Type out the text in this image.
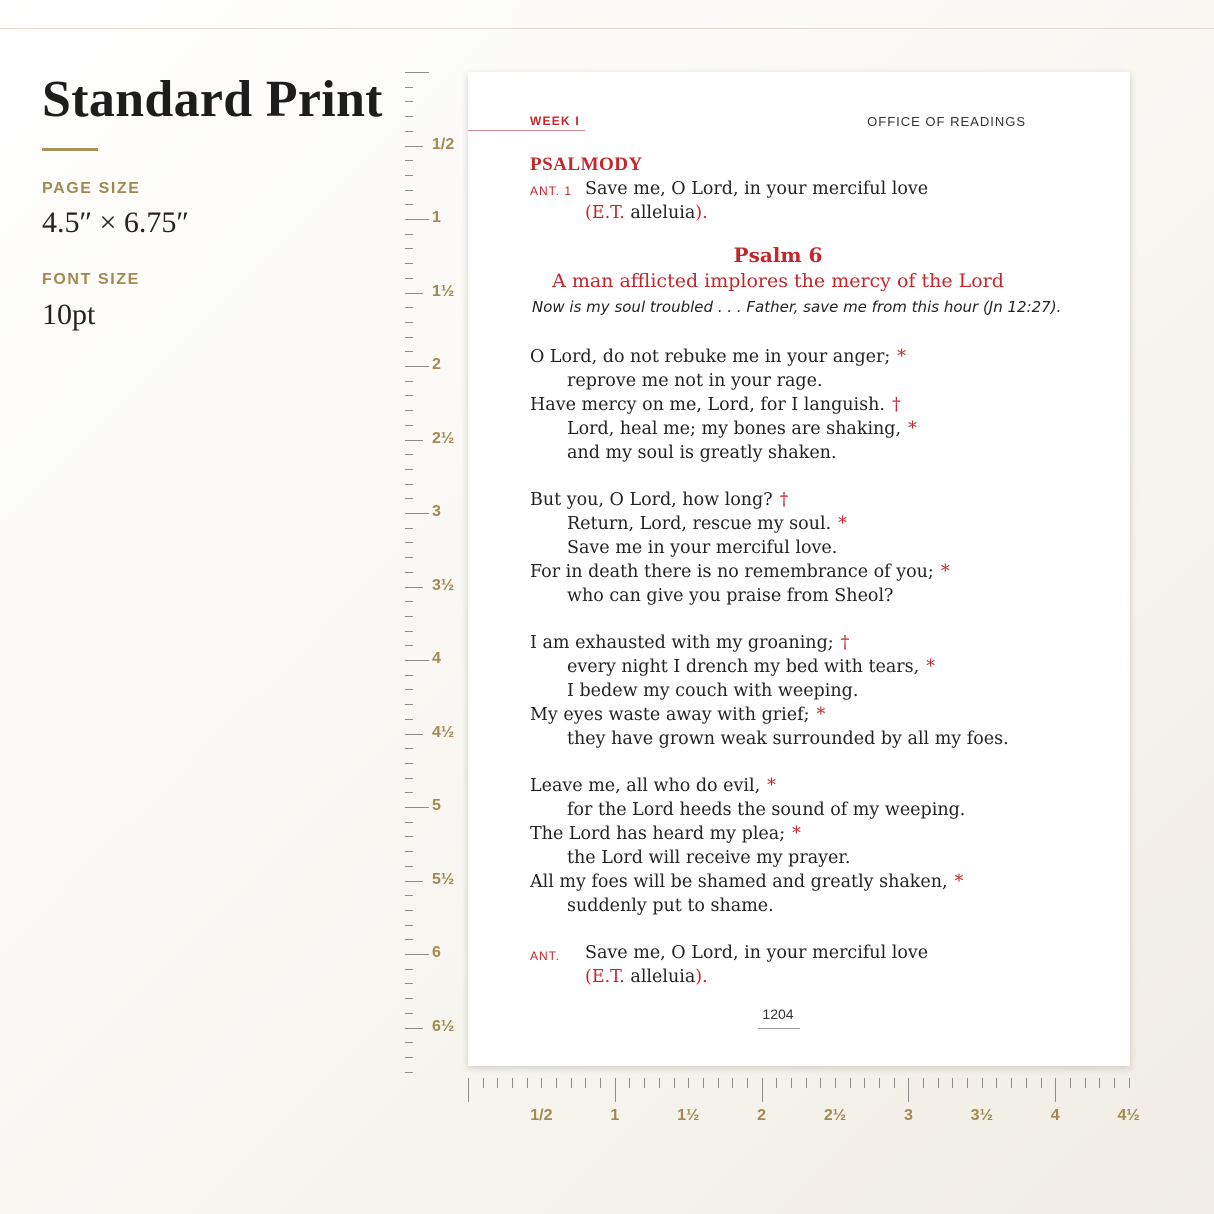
Standard Print
PAGE SIZE
4.5″ × 6.75″
FONT SIZE
10pt
1/2
1
1½
2
2½
3
3½
4
4½
5
5½
6
6½
1/2	1	1½	2	2½	3	3½	4	4½
WEEK I	OFFICE OF READINGS
PSALMODY
ANT. 1 Save me, O Lord, in your merciful love
(E.T. alleluia).
Psalm 6
A man afflicted implores the mercy of the Lord
Now is my soul troubled . . . Father, save me from this hour (Jn 12:27).
O Lord, do not rebuke me in your anger; *
reprove me not in your rage.
Have mercy on me, Lord, for I languish. †
Lord, heal me; my bones are shaking, *
and my soul is greatly shaken.
But you, O Lord, how long? †
Return, Lord, rescue my soul. *
Save me in your merciful love.
For in death there is no remembrance of you; *
who can give you praise from Sheol?
I am exhausted with my groaning; †
every night I drench my bed with tears, *
I bedew my couch with weeping.
My eyes waste away with grief; *
they have grown weak surrounded by all my foes.
Leave me, all who do evil, *
for the Lord heeds the sound of my weeping.
The Lord has heard my plea; *
the Lord will receive my prayer.
All my foes will be shamed and greatly shaken, *
suddenly put to shame.
ANT. Save me, O Lord, in your merciful love
(E.T. alleluia).
1204
